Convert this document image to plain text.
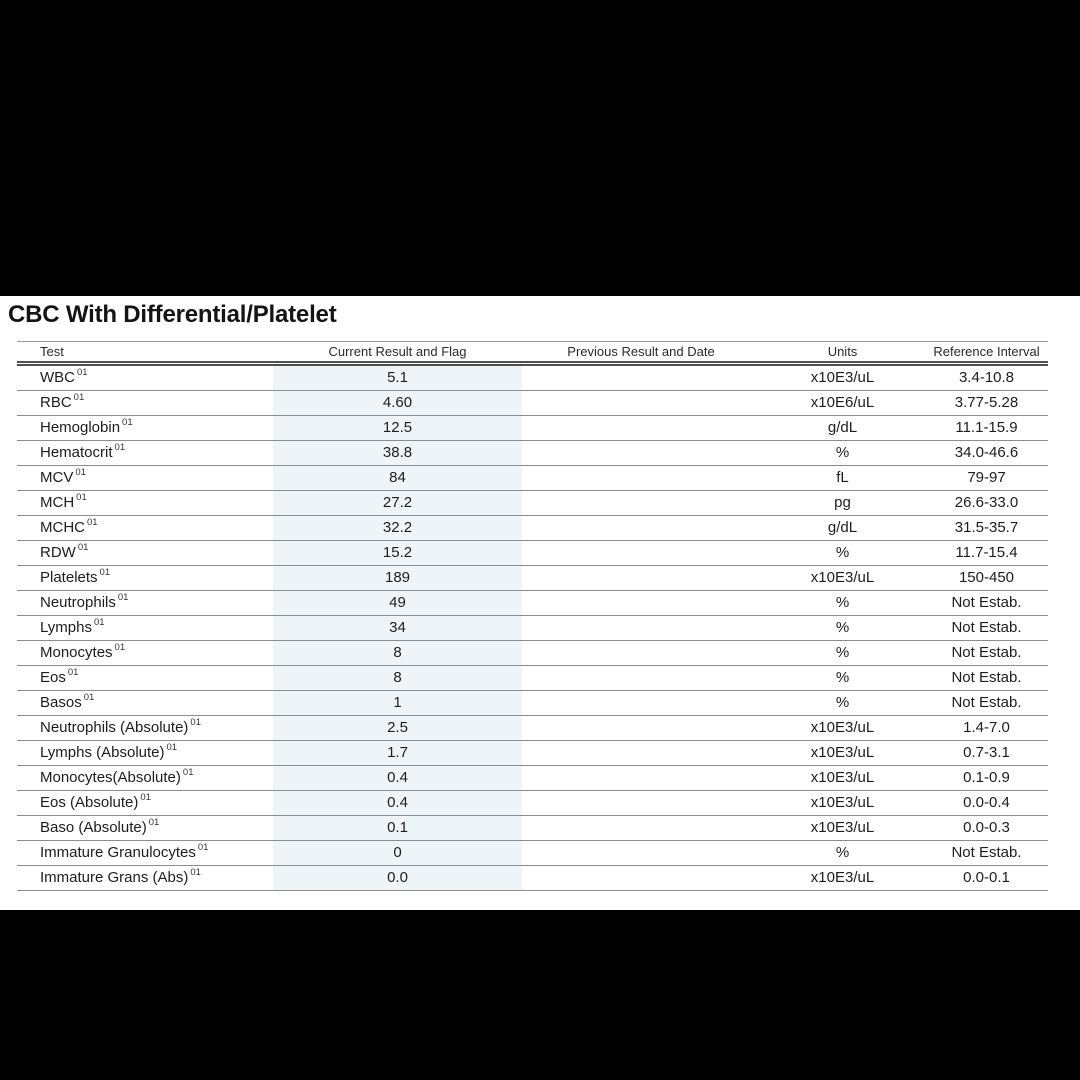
CBC With Differential/Platelet
Test	Current Result and Flag	Previous Result and Date	Units	Reference Interval
WBC $^{01}$	5.1		x10E3/uL	3.4-10.8
RBC $^{01}$	4.60		x10E6/uL	3.77-5.28
Hemoglobin $^{01}$	12.5		g/dL	11.1-15.9
Hematocrit $^{01}$	38.8		%	34.0-46.6
MCV $^{01}$	84		fL	79-97
MCH $^{01}$	27.2		pg	26.6-33.0
MCHC $^{01}$	32.2		g/dL	31.5-35.7
RDW $^{01}$	15.2		%	11.7-15.4
Platelets $^{01}$	189		x10E3/uL	150-450
Neutrophils $^{01}$	49		%	Not Estab.
Lymphs $^{01}$	34		%	Not Estab.
Monocytes $^{01}$	8		%	Not Estab.
Eos $^{01}$	8		%	Not Estab.
Basos $^{01}$	1		%	Not Estab.
Neutrophils (Absolute) $^{01}$	2.5		x10E3/uL	1.4-7.0
Lymphs (Absolute) $^{01}$	1.7		x10E3/uL	0.7-3.1
Monocytes(Absolute) $^{01}$	0.4		x10E3/uL	0.1-0.9
Eos (Absolute) $^{01}$	0.4		x10E3/uL	0.0-0.4
Baso (Absolute) $^{01}$	0.1		x10E3/uL	0.0-0.3
Immature Granulocytes $^{01}$	0		%	Not Estab.
Immature Grans (Abs) $^{01}$	0.0		x10E3/uL	0.0-0.1
